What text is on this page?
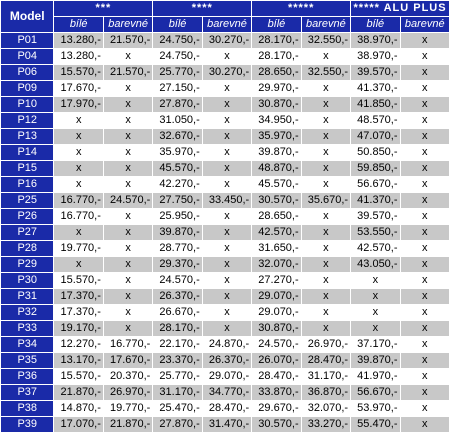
Model	***		****		*****		***** ALU PLUS	
	bílé	barevné	bílé	barevné	bílé	barevné	bílé	barevné
P01	13.280,-	21.570,-	24.750,-	30.270,-	28.170,-	32.550,-	38.970,-	x
P04	13.280,-	x	24.750,-	x	28.170,-	x	38.970,-	x
P06	15.570,-	21.570,-	25.770,-	30.270,-	28.650,-	32.550,-	39.570,-	x
P09	17.670,-	x	27.150,-	x	29.970,-	x	41.370,-	x
P10	17.970,-	x	27.870,-	x	30.870,-	x	41.850,-	x
P12	x	x	31.050,-	x	34.950,-	x	48.570,-	x
P13	x	x	32.670,-	x	35.970,-	x	47.070,-	x
P14	x	x	35.970,-	x	39.870,-	x	50.850,-	x
P15	x	x	45.570,-	x	48.870,-	x	59.850,-	x
P16	x	x	42.270,-	x	45.570,-	x	56.670,-	x
P25	16.770,-	24.570,-	27.750,-	33.450,-	30.570,-	35.670,-	41.370,-	x
P26	16.770,-	x	25.950,-	x	28.650,-	x	39.570,-	x
P27	x	x	39.870,-	x	42.570,-	x	53.550,-	x
P28	19.770,-	x	28.770,-	x	31.650,-	x	42.570,-	x
P29	x	x	29.370,-	x	32.070,-	x	43.050,-	x
P30	15.570,-	x	24.570,-	x	27.270,-	x	x	x
P31	17.370,-	x	26.370,-	x	29.070,-	x	x	x
P32	17.370,-	x	26.670,-	x	29.070,-	x	x	x
P33	19.170,-	x	28.170,-	x	30.870,-	x	x	x
P34	12.270,-	16.770,-	22.170,-	24.870,-	24.570,-	26.970,-	37.170,-	x
P35	13.170,-	17.670,-	23.370,-	26.370,-	26.070,-	28.470,-	39.870,-	x
P36	15.570,-	20.370,-	25.770,-	29.070,-	28.470,-	31.170,-	41.970,-	x
P37	21.870,-	26.970,-	31.170,-	34.770,-	33.870,-	36.870,-	56.670,-	x
P38	14.870,-	19.770,-	25.470,-	28.470,-	29.670,-	32.070,-	53.970,-	x
P39	17.070,-	21.870,-	27.870,-	31.470,-	30.570,-	33.270,-	55.470,-	x
